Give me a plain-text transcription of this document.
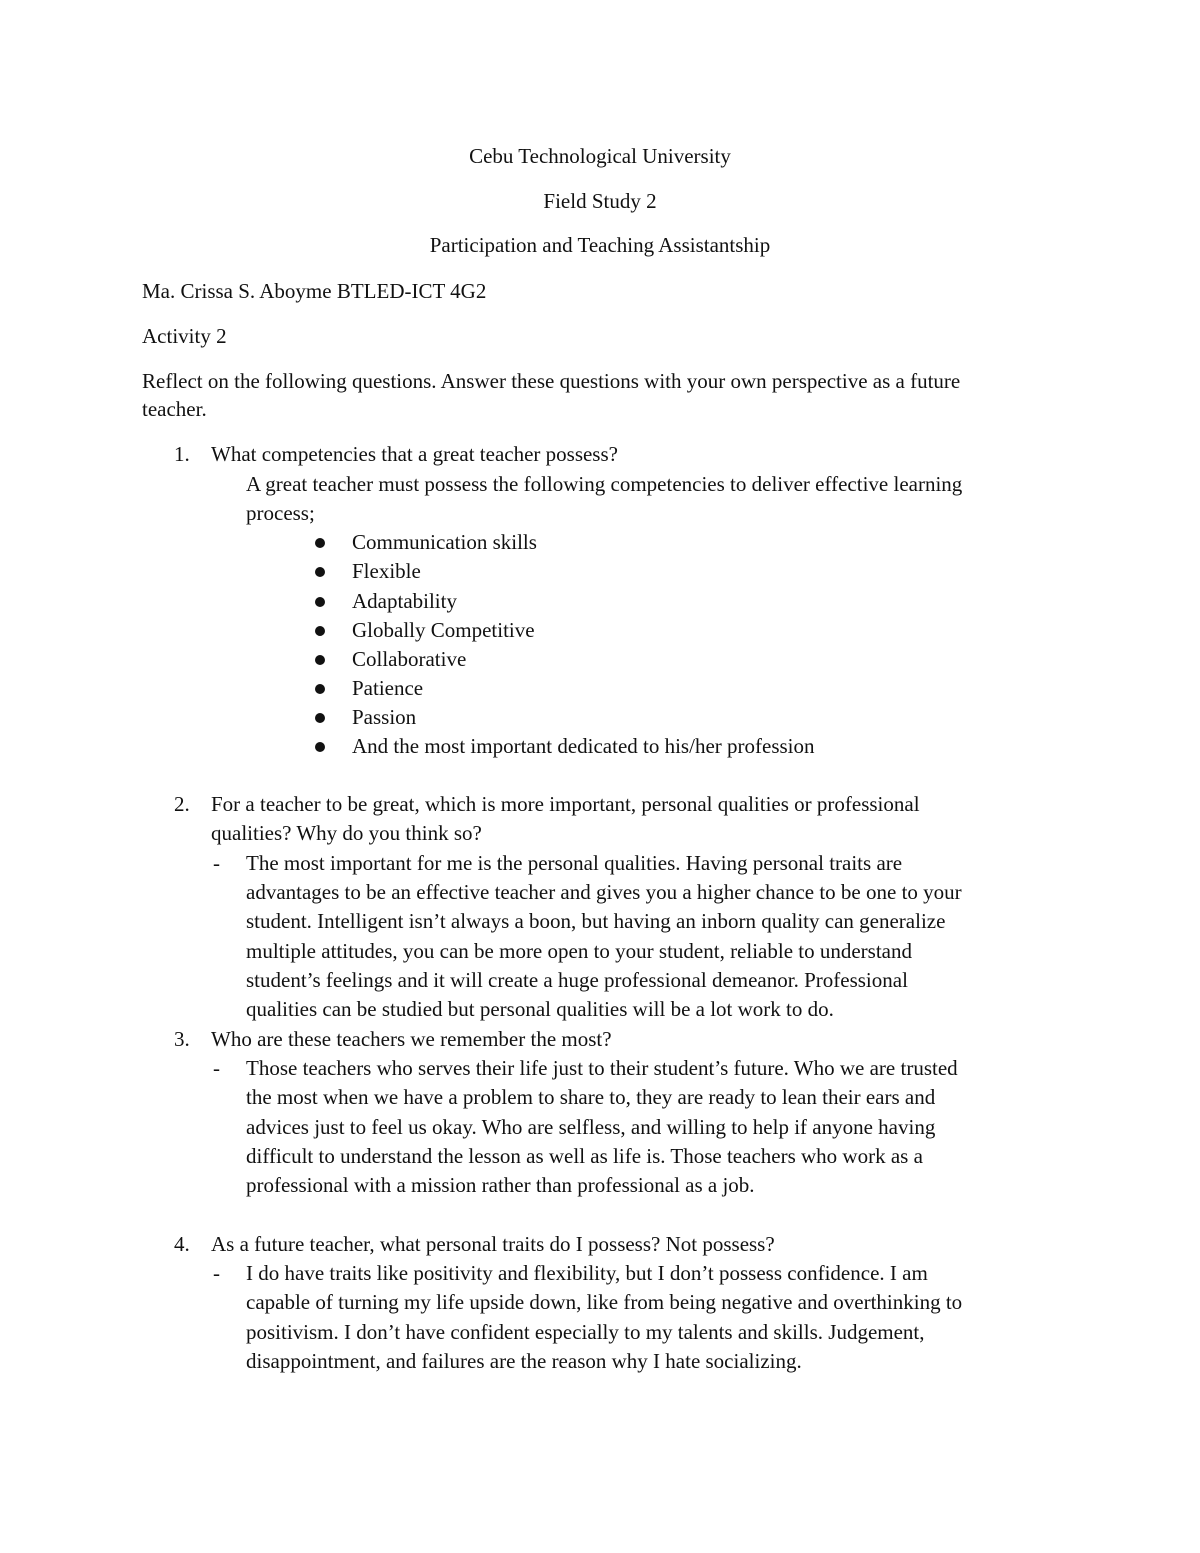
Cebu Technological University
Field Study 2
Participation and Teaching Assistantship
Ma. Crissa S. Aboyme BTLED-ICT 4G2
Activity 2
Reflect on the following questions. Answer these questions with your own perspective as a future
teacher.
1. What competencies that a great teacher possess?
A great teacher must possess the following competencies to deliver effective learning
process;
Communication skills
Flexible
Adaptability
Globally Competitive
Collaborative
Patience
Passion
And the most important dedicated to his/her profession
2. For a teacher to be great, which is more important, personal qualities or professional
qualities? Why do you think so?
- The most important for me is the personal qualities. Having personal traits are
advantages to be an effective teacher and gives you a higher chance to be one to your
student. Intelligent isn’t always a boon, but having an inborn quality can generalize
multiple attitudes, you can be more open to your student, reliable to understand
student’s feelings and it will create a huge professional demeanor. Professional
qualities can be studied but personal qualities will be a lot work to do.
3. Who are these teachers we remember the most?
- Those teachers who serves their life just to their student’s future. Who we are trusted
the most when we have a problem to share to, they are ready to lean their ears and
advices just to feel us okay. Who are selfless, and willing to help if anyone having
difficult to understand the lesson as well as life is. Those teachers who work as a
professional with a mission rather than professional as a job.
4. As a future teacher, what personal traits do I possess? Not possess?
- I do have traits like positivity and flexibility, but I don’t possess confidence. I am
capable of turning my life upside down, like from being negative and overthinking to
positivism. I don’t have confident especially to my talents and skills. Judgement,
disappointment, and failures are the reason why I hate socializing.
